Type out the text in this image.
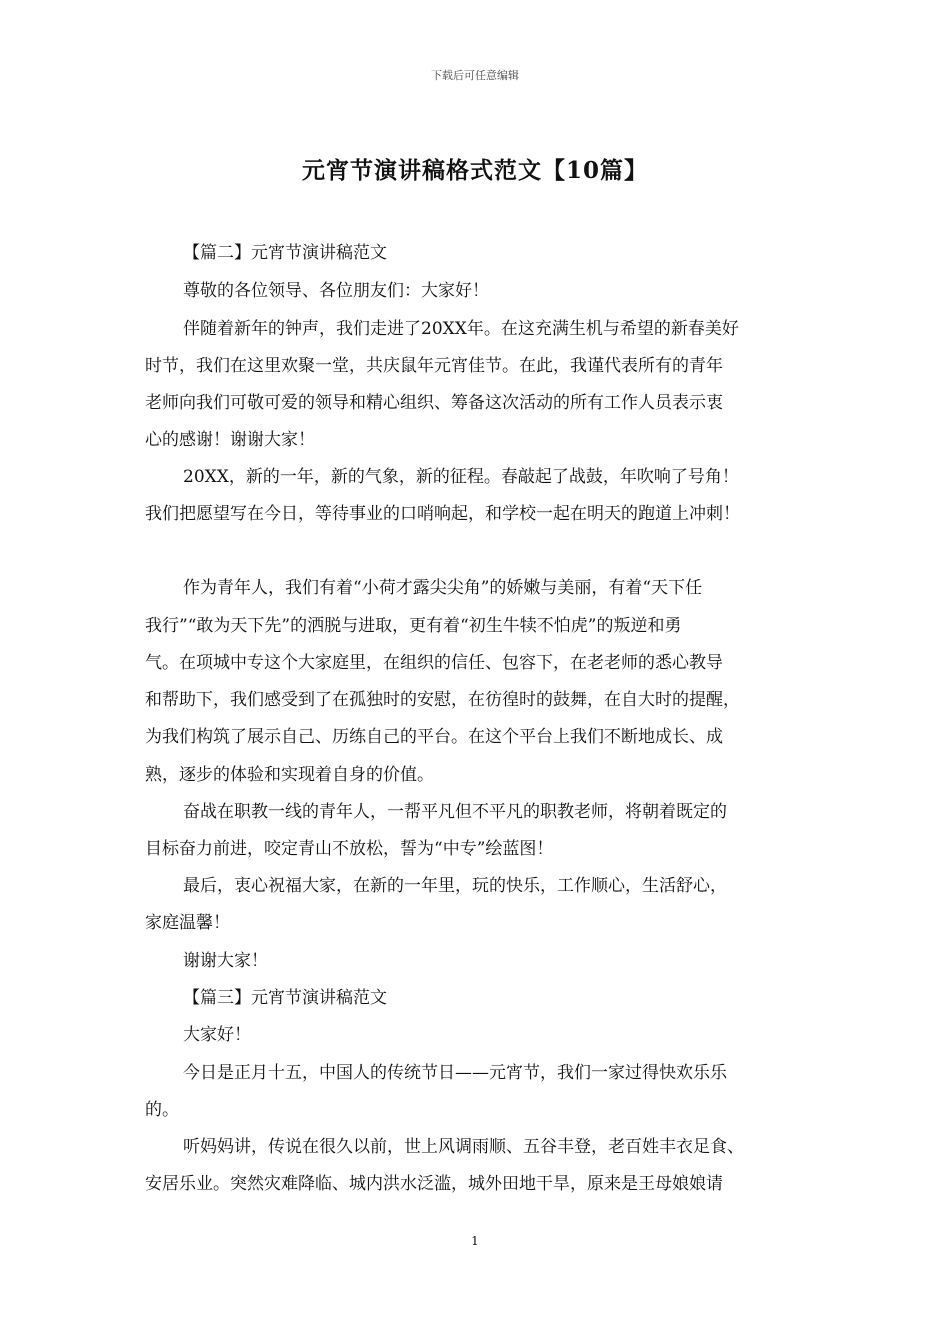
下载后可任意编辑
元宵节演讲稿格式范文【10篇】
【篇二】元宵节演讲稿范文
尊敬的各位领导、各位朋友们：大家好！
伴随着新年的钟声，我们走进了20XX年。在这充满生机与希望的新春美好
时节，我们在这里欢聚一堂，共庆鼠年元宵佳节。在此，我谨代表所有的青年
老师向我们可敬可爱的领导和精心组织、筹备这次活动的所有工作人员表示衷
心的感谢！谢谢大家！
20XX，新的一年，新的气象，新的征程。春敲起了战鼓，年吹响了号角！
我们把愿望写在今日，等待事业的口哨响起，和学校一起在明天的跑道上冲刺！
作为青年人，我们有着“小荷才露尖尖角”的娇嫩与美丽，有着“天下任
我行”“敢为天下先”的洒脱与进取，更有着“初生牛犊不怕虎”的叛逆和勇
气。在项城中专这个大家庭里，在组织的信任、包容下，在老老师的悉心教导
和帮助下，我们感受到了在孤独时的安慰，在彷徨时的鼓舞，在自大时的提醒，
为我们构筑了展示自己、历练自己的平台。在这个平台上我们不断地成长、成
熟，逐步的体验和实现着自身的价值。
奋战在职教一线的青年人，一帮平凡但不平凡的职教老师，将朝着既定的
目标奋力前进，咬定青山不放松，誓为“中专”绘蓝图！
最后，衷心祝福大家，在新的一年里，玩的快乐，工作顺心，生活舒心，
家庭温馨！
谢谢大家！
【篇三】元宵节演讲稿范文
大家好！
今日是正月十五，中国人的传统节日——元宵节，我们一家过得快欢乐乐
的。
听妈妈讲，传说在很久以前，世上风调雨顺、五谷丰登，老百姓丰衣足食、
安居乐业。突然灾难降临、城内洪水泛滥，城外田地干旱，原来是王母娘娘请
1
